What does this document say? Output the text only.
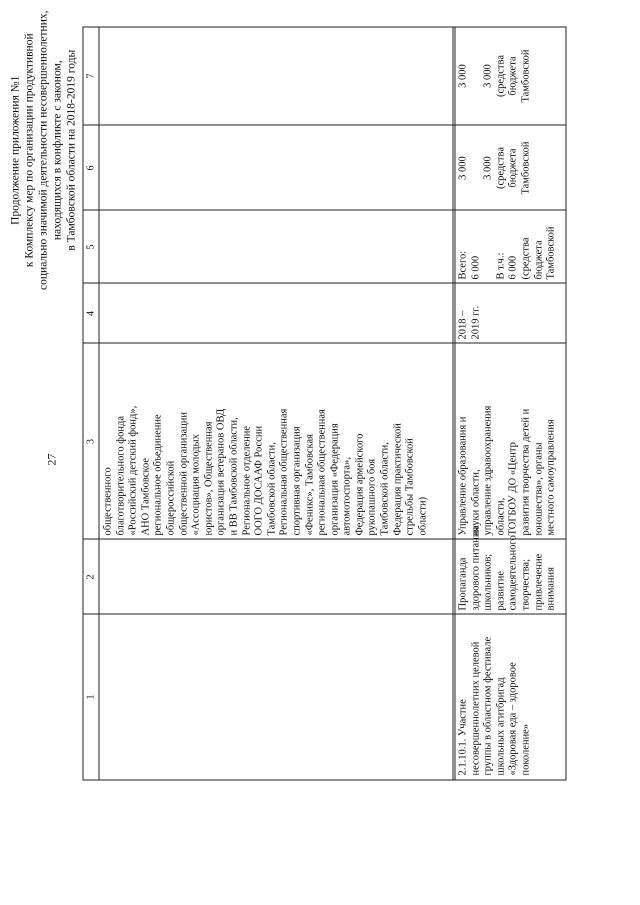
27
Продолжение приложения №1 к Комплексу мер по организации продуктивной социально значимой деятельности несовершеннолетних, находящихся в конфликте с законом, в Тамбовской области на 2018-2019 годы
1
2
3
4
5
6
7
общественного благотворительного фонда «Российский детский фонд», АНО Тамбовское региональное объединение общероссийской общественной организации «Ассоциация молодых юристов», Общественная организация ветеранов ОВД и ВВ Тамбовской области, Региональное отделение ООГО ДОСААФ России Тамбовской области, Региональная общественная спортивная организация «Феникс», Тамбовская региональная общественная организация «Федерация автомотоспорта», Федерация армейского рукопашного боя Тамбовской области, Федерация практической стрельбы Тамбовской области)
2.1.10.1. Участие несовершеннолетних целевой группы в областном фестивале школьных агитбригад «Здоровая еда – здоровое поколение»
Пропаганда здорового питания школьников; развитие самодеятельного творчества; привлечение внимания
Управление образования и науки области, управление здравоохранения области, ТОГБОУ ДО «Центр развития творчества детей и юношества», органы местного самоуправления
2018 – 2019 гг.
Всего: 6 000
В т.ч.: 6 000 (средства бюджета Тамбовской
3 000
3 000 (средства бюджета Тамбовской
3 000
3 000 (средства бюджета Тамбовской
